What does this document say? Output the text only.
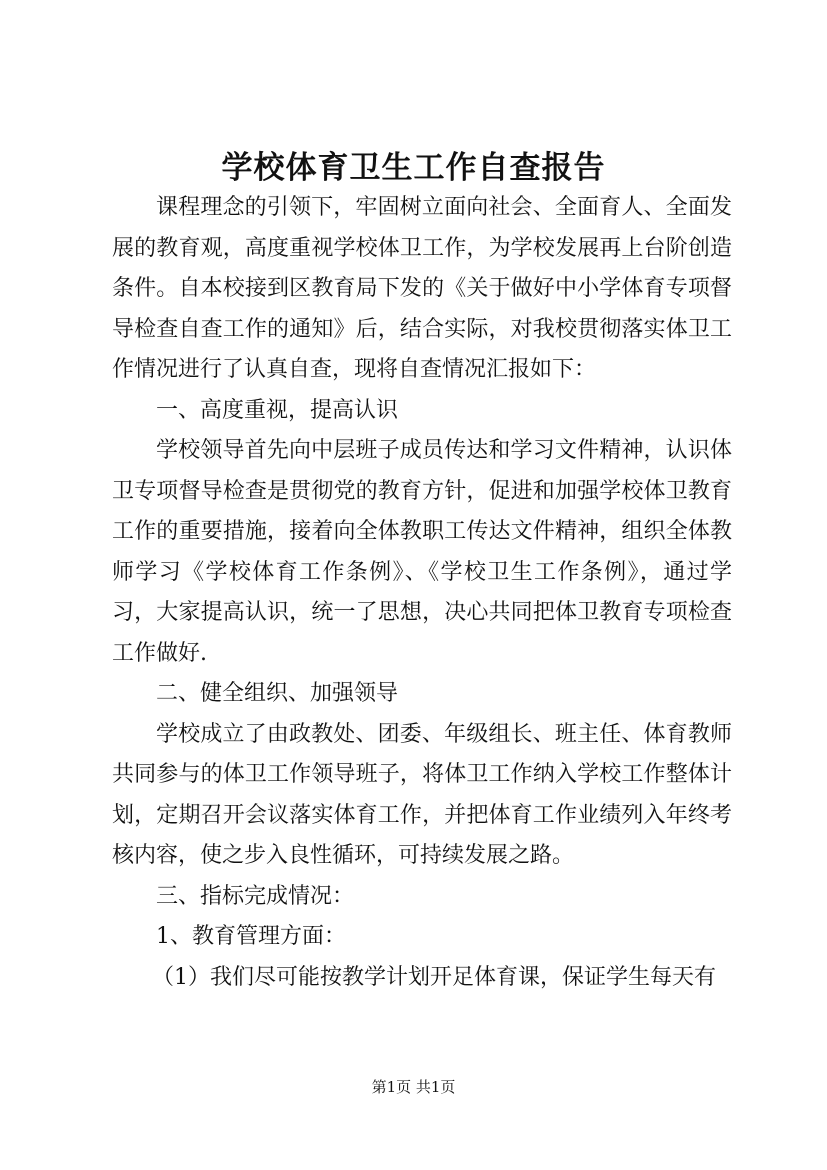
学校体育卫生工作自查报告

课程理念的引领下，牢固树立面向社会、全面育人、全面发展的教育观，高度重视学校体卫工作，为学校发展再上台阶创造条件。自本校接到区教育局下发的《关于做好中小学体育专项督导检查自查工作的通知》后，结合实际，对我校贯彻落实体卫工作情况进行了认真自查，现将自查情况汇报如下：

一、高度重视，提高认识

学校领导首先向中层班子成员传达和学习文件精神，认识体卫专项督导检查是贯彻党的教育方针，促进和加强学校体卫教育工作的重要措施，接着向全体教职工传达文件精神，组织全体教师学习《学校体育工作条例》、《学校卫生工作条例》，通过学习，大家提高认识，统一了思想，决心共同把体卫教育专项检查工作做好.

二、健全组织、加强领导

学校成立了由政教处、团委、年级组长、班主任、体育教师共同参与的体卫工作领导班子，将体卫工作纳入学校工作整体计划，定期召开会议落实体育工作，并把体育工作业绩列入年终考核内容，使之步入良性循环，可持续发展之路。

三、指标完成情况：

1、教育管理方面：

（1）我们尽可能按教学计划开足体育课，保证学生每天有

第1页 共1页
